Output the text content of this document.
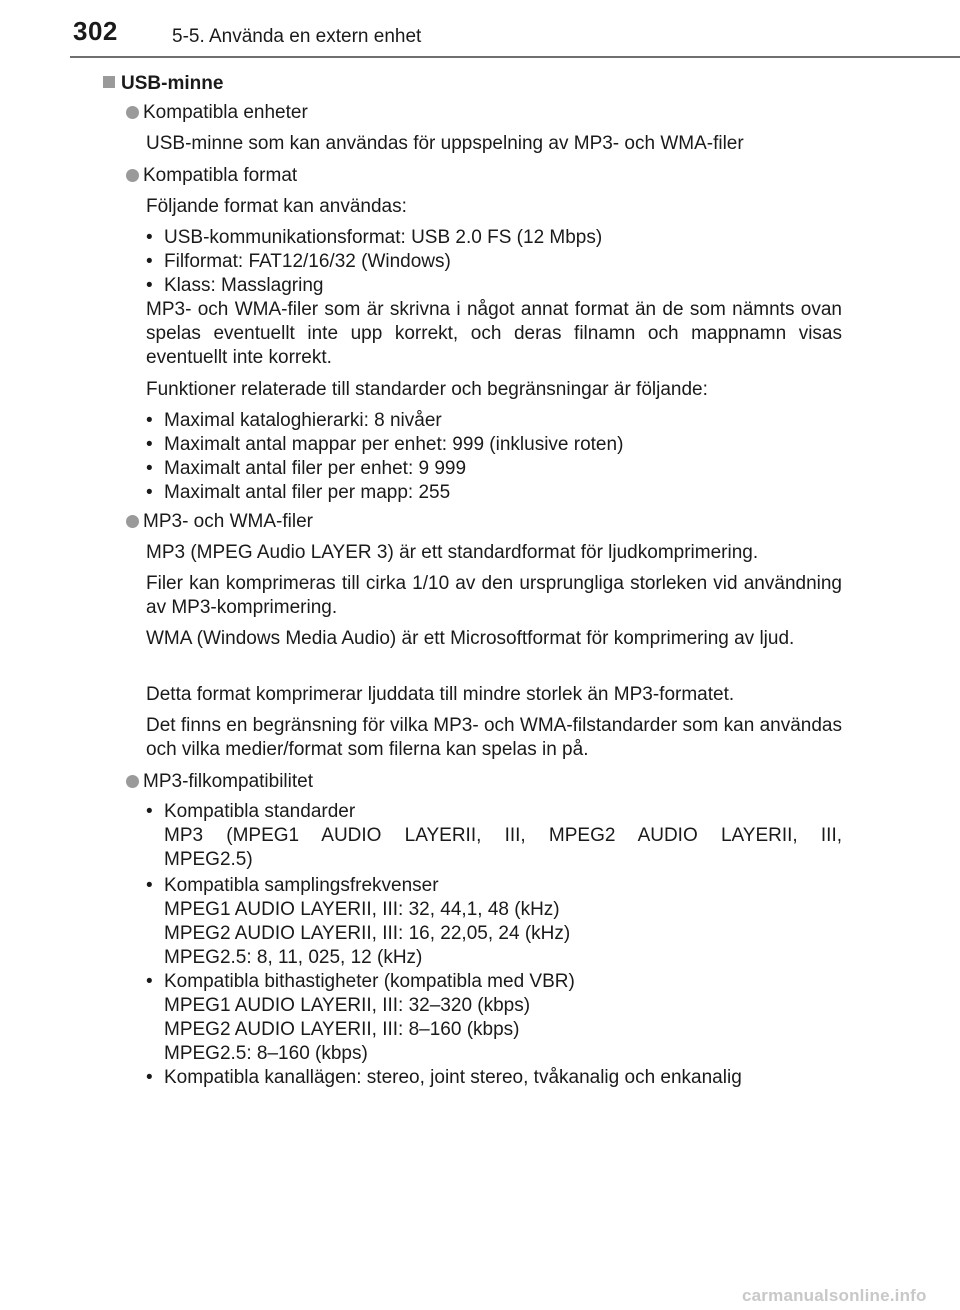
302	5-5. Använda en extern enhet
USB-minne
Kompatibla enheter
USB-minne som kan användas för uppspelning av MP3- och WMA-filer
Kompatibla format
Följande format kan användas:
• USB-kommunikationsformat: USB 2.0 FS (12 Mbps)
• Filformat: FAT12/16/32 (Windows)
• Klass: Masslagring
MP3- och WMA-filer som är skrivna i något annat format än de som nämnts ovan spelas eventuellt inte upp korrekt, och deras filnamn och mappnamn visas eventuellt inte korrekt.
Funktioner relaterade till standarder och begränsningar är följande:
• Maximal kataloghierarki: 8 nivåer
• Maximalt antal mappar per enhet: 999 (inklusive roten)
• Maximalt antal filer per enhet: 9 999
• Maximalt antal filer per mapp: 255
MP3- och WMA-filer
MP3 (MPEG Audio LAYER 3) är ett standardformat för ljudkomprimering.
Filer kan komprimeras till cirka 1/10 av den ursprungliga storleken vid användning av MP3-komprimering.
WMA (Windows Media Audio) är ett Microsoftformat för komprimering av ljud.
Detta format komprimerar ljuddata till mindre storlek än MP3-formatet.
Det finns en begränsning för vilka MP3- och WMA-filstandarder som kan användas och vilka medier/format som filerna kan spelas in på.
MP3-filkompatibilitet
• Kompatibla standarder
MP3 (MPEG1 AUDIO LAYERII, III, MPEG2 AUDIO LAYERII, III,
MPEG2.5)
• Kompatibla samplingsfrekvenser
MPEG1 AUDIO LAYERII, III: 32, 44,1, 48 (kHz)
MPEG2 AUDIO LAYERII, III: 16, 22,05, 24 (kHz)
MPEG2.5: 8, 11, 025, 12 (kHz)
• Kompatibla bithastigheter (kompatibla med VBR)
MPEG1 AUDIO LAYERII, III: 32–320 (kbps)
MPEG2 AUDIO LAYERII, III: 8–160 (kbps)
MPEG2.5: 8–160 (kbps)
• Kompatibla kanallägen: stereo, joint stereo, tvåkanalig och enkanalig
carmanualsonline.info
